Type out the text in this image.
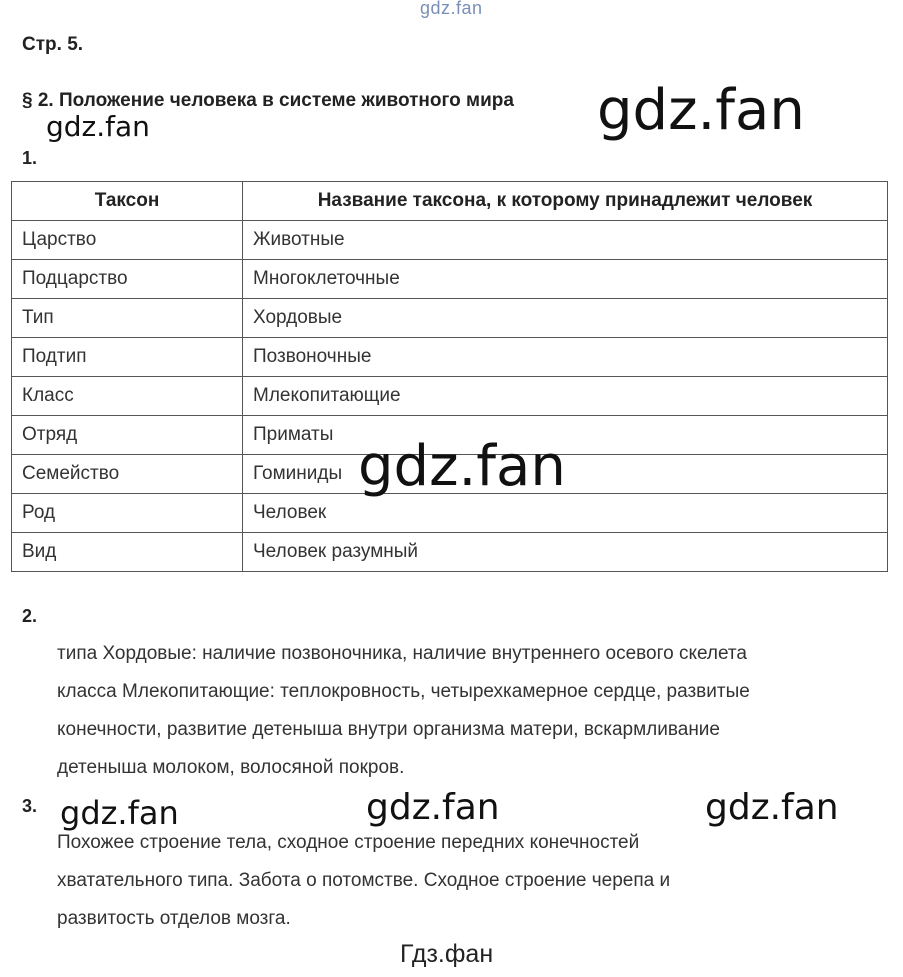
gdz.fan
Стр. 5.
§ 2. Положение человека в системе животного мира gdz.fan
gdz.fan
1.
Таксон	Название таксона, к которому принадлежит человек
Царство	Животные
Подцарство	Многоклеточные
Тип	Хордовые
Подтип	Позвоночные
Класс	Млекопитающие
Отряд	Приматы
Семейство	Гоминиды
Род	Человек
Вид	Человек разумный
gdz.fan
2.
типа Хордовые: наличие позвоночника, наличие внутреннего осевого скелета
класса Млекопитающие: теплокровность, четырехкамерное сердце, развитые
конечности, развитие детеныша внутри организма матери, вскармливание
детеныша молоком, волосяной покров.
3. gdz.fan	gdz.fan	gdz.fan
Похожее строение тела, сходное строение передних конечностей
хватательного типа. Забота о потомстве. Сходное строение черепа и
развитость отделов мозга.
Гдз.фан
